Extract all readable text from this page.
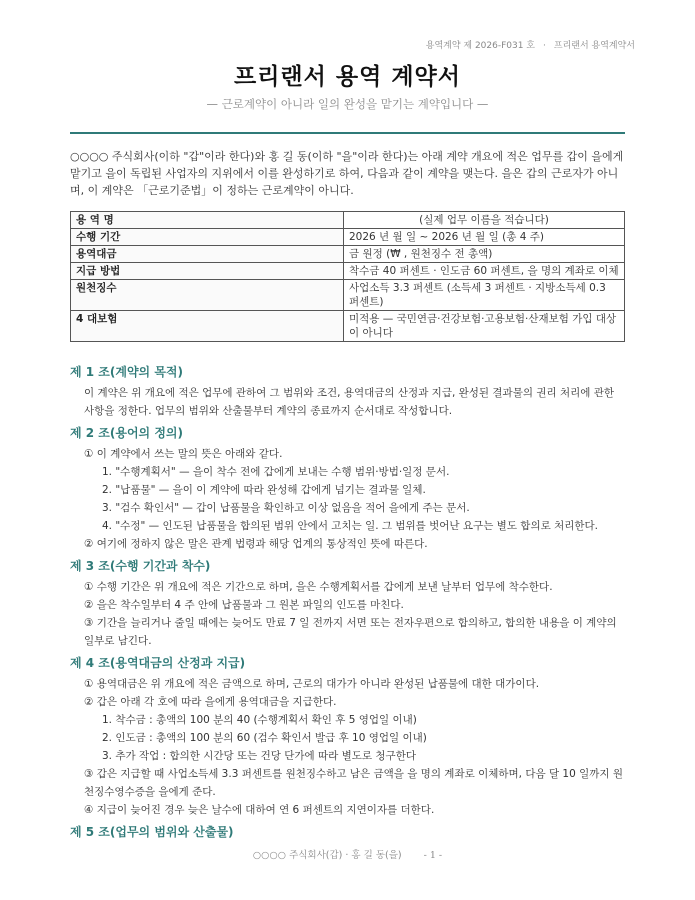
용역계약 제 2026-F031 호 · 프리랜서 용역계약서
프리랜서 용역 계약서
— 근로계약이 아니라 일의 완성을 맡기는 계약입니다 —

○○○○ 주식회사(이하 "갑"이라 한다)와 홍 길 동(이하 "을"이라 한다)는 아래 계약 개요에 적은 업무를 갑이 을에게 맡기고 을이 독립된 사업자의 지위에서 이를 완성하기로 하여, 다음과 같이 계약을 맺는다. 을은 갑의 근로자가 아니며, 이 계약은 「근로기준법」이 정하는 근로계약이 아니다.

용 역 명	(실제 업무 이름을 적습니다)
수행 기간	2026 년 월 일 ~ 2026 년 월 일 (총 4 주)
용역대금	금 원정 (₩ , 원천징수 전 총액)
지급 방법	착수금 40 퍼센트 · 인도금 60 퍼센트, 을 명의 계좌로 이체
원천징수	사업소득 3.3 퍼센트 (소득세 3 퍼센트 · 지방소득세 0.3 퍼센트)
4 대보험	미적용 — 국민연금·건강보험·고용보험·산재보험 가입 대상이 아니다
제 1 조(계약의 목적)

이 계약은 위 개요에 적은 업무에 관하여 그 범위와 조건, 용역대금의 산정과 지급, 완성된 결과물의 권리 처리에 관한 사항을 정한다. 업무의 범위와 산출물부터 계약의 종료까지 순서대로 작성합니다.

제 2 조(용어의 정의)

① 이 계약에서 쓰는 말의 뜻은 아래와 같다.

1. "수행계획서" — 을이 착수 전에 갑에게 보내는 수행 범위·방법·일정 문서.

2. "납품물" — 을이 이 계약에 따라 완성해 갑에게 넘기는 결과물 일체.

3. "검수 확인서" — 갑이 납품물을 확인하고 이상 없음을 적어 을에게 주는 문서.

4. "수정" — 인도된 납품물을 합의된 범위 안에서 고치는 일. 그 범위를 벗어난 요구는 별도 합의로 처리한다.

② 여기에 정하지 않은 말은 관계 법령과 해당 업계의 통상적인 뜻에 따른다.

제 3 조(수행 기간과 착수)

① 수행 기간은 위 개요에 적은 기간으로 하며, 을은 수행계획서를 갑에게 보낸 날부터 업무에 착수한다.

② 을은 착수일부터 4 주 안에 납품물과 그 원본 파일의 인도를 마친다.

③ 기간을 늘리거나 줄일 때에는 늦어도 만료 7 일 전까지 서면 또는 전자우편으로 합의하고, 합의한 내용을 이 계약의 일부로 남긴다.

제 4 조(용역대금의 산정과 지급)

① 용역대금은 위 개요에 적은 금액으로 하며, 근로의 대가가 아니라 완성된 납품물에 대한 대가이다.

② 갑은 아래 각 호에 따라 을에게 용역대금을 지급한다.

1. 착수금 : 총액의 100 분의 40 (수행계획서 확인 후 5 영업일 이내)

2. 인도금 : 총액의 100 분의 60 (검수 확인서 발급 후 10 영업일 이내)

3. 추가 작업 : 합의한 시간당 또는 건당 단가에 따라 별도로 청구한다

③ 갑은 지급할 때 사업소득세 3.3 퍼센트를 원천징수하고 남은 금액을 을 명의 계좌로 이체하며, 다음 달 10 일까지 원천징수영수증을 을에게 준다.

④ 지급이 늦어진 경우 늦은 날수에 대하여 연 6 퍼센트의 지연이자를 더한다.

제 5 조(업무의 범위와 산출물)
○○○○ 주식회사(갑) · 홍 길 동(을) - 1 -
